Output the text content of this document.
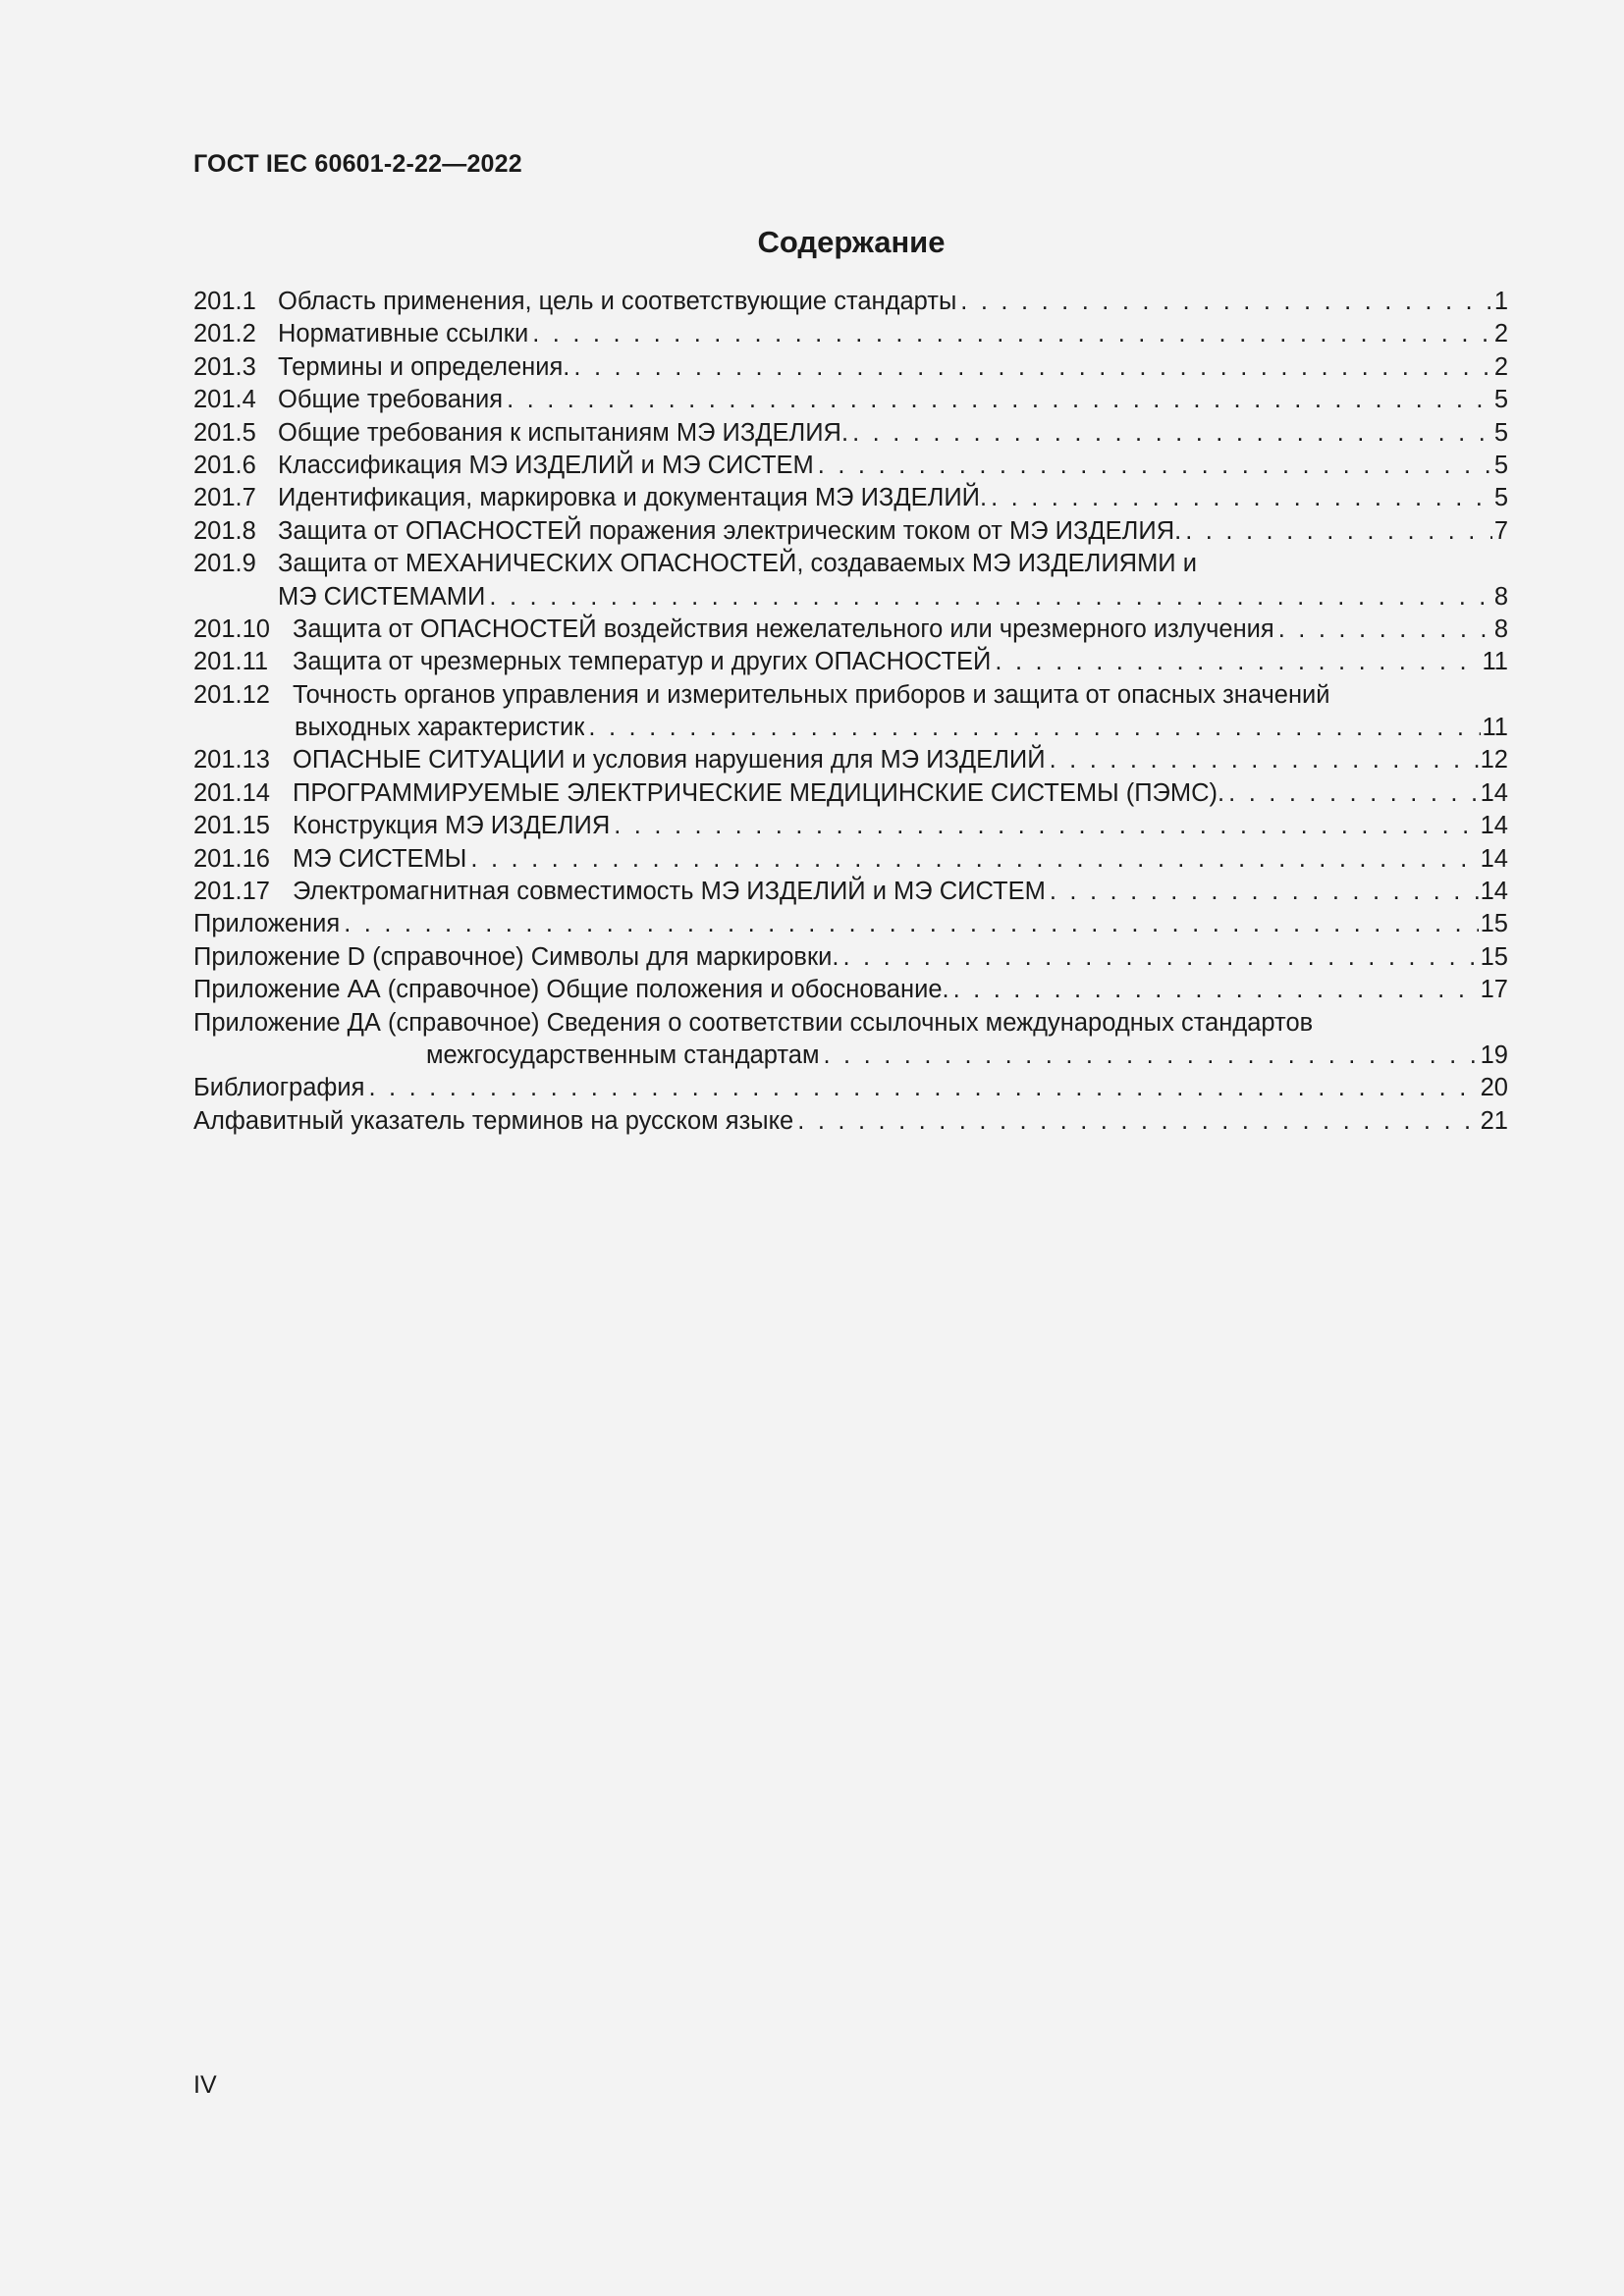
ГОСТ IEC 60601-2-22—2022
Содержание
201.1 Область применения, цель и соответствующие стандарты . . .	1
201.2 Нормативные ссылки . . .	2
201.3 Термины и определения. . . .	2
201.4 Общие требования . . .	5
201.5 Общие требования к испытаниям МЭ ИЗДЕЛИЯ. . . .	5
201.6 Классификация МЭ ИЗДЕЛИЙ и МЭ СИСТЕМ . . .	5
201.7 Идентификация, маркировка и документация МЭ ИЗДЕЛИЙ. . . .	5
201.8 Защита от ОПАСНОСТЕЙ поражения электрическим током от МЭ ИЗДЕЛИЯ. . . .	7
201.9 Защита от МЕХАНИЧЕСКИХ ОПАСНОСТЕЙ, создаваемых МЭ ИЗДЕЛИЯМИ и
МЭ СИСТЕМАМИ . . .	8
201.10 Защита от ОПАСНОСТЕЙ воздействия нежелательного или чрезмерного излучения . . .	8
201.11 Защита от чрезмерных температур и других ОПАСНОСТЕЙ . . .	11
201.12 Точность органов управления и измерительных приборов и защита от опасных значений
выходных характеристик . . .	11
201.13 ОПАСНЫЕ СИТУАЦИИ и условия нарушения для МЭ ИЗДЕЛИЙ . . .	12
201.14 ПРОГРАММИРУЕМЫЕ ЭЛЕКТРИЧЕСКИЕ МЕДИЦИНСКИЕ СИСТЕМЫ (ПЭМС). . . .	14
201.15 Конструкция МЭ ИЗДЕЛИЯ . . .	14
201.16 МЭ СИСТЕМЫ . . .	14
201.17 Электромагнитная совместимость МЭ ИЗДЕЛИЙ и МЭ СИСТЕМ . . .	14
Приложения . . .	15
Приложение D (справочное) Символы для маркировки. . . .	15
Приложение АА (справочное) Общие положения и обоснование. . . .	17
Приложение ДА (справочное) Сведения о соответствии ссылочных международных стандартов
межгосударственным стандартам . . .	19
Библиография . . .	20
Алфавитный указатель терминов на русском языке . . .	21
IV
